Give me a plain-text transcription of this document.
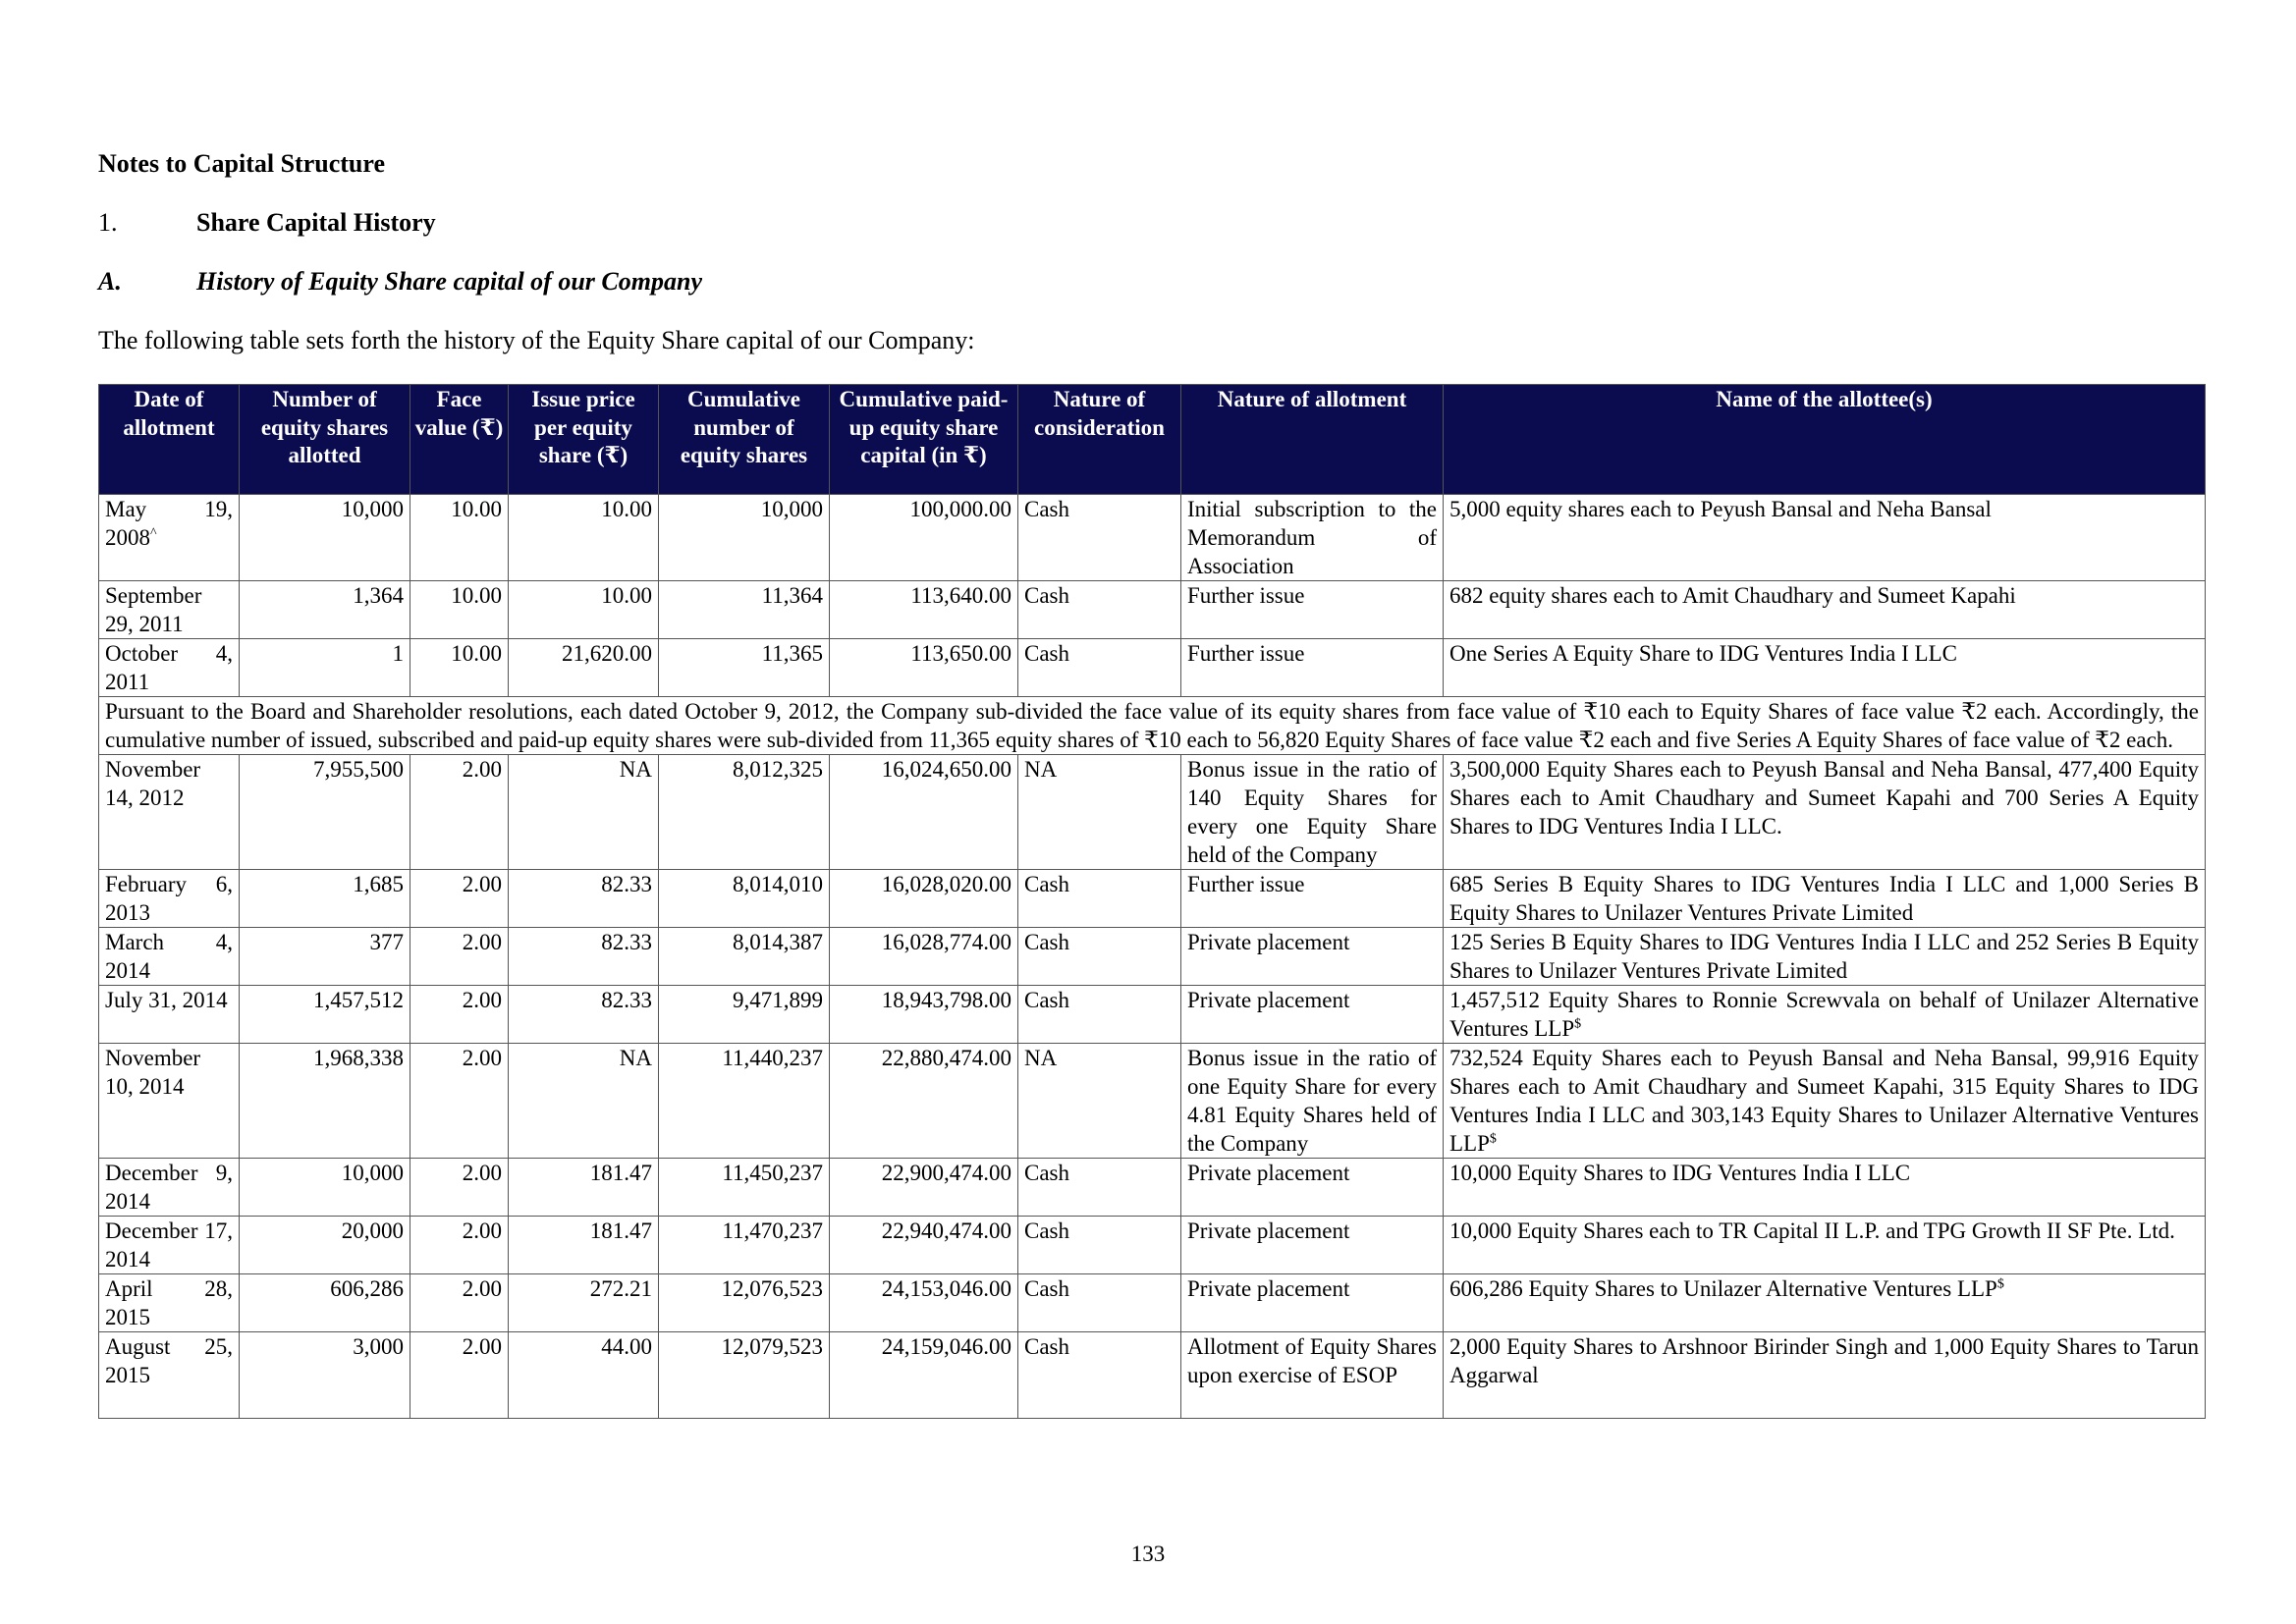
Notes to Capital Structure
1.	Share Capital History
A.	History of Equity Share capital of our Company
The following table sets forth the history of the Equity Share capital of our Company:
Date of allotment	Number of equity shares allotted	Face value (₹)	Issue price per equity share (₹)	Cumulative number of equity shares	Cumulative paid-up equity share capital (in ₹)	Nature of consideration	Nature of allotment	Name of the allottee(s)
May 19, 2008^	10,000	10.00	10.00	10,000	100,000.00	Cash	Initial subscription to the Memorandum of Association	5,000 equity shares each to Peyush Bansal and Neha Bansal
September 29, 2011	1,364	10.00	10.00	11,364	113,640.00	Cash	Further issue	682 equity shares each to Amit Chaudhary and Sumeet Kapahi
October 4, 2011	1	10.00	21,620.00	11,365	113,650.00	Cash	Further issue	One Series A Equity Share to IDG Ventures India I LLC
Pursuant to the Board and Shareholder resolutions, each dated October 9, 2012, the Company sub-divided the face value of its equity shares from face value of ₹10 each to Equity Shares of face value ₹2 each. Accordingly, the cumulative number of issued, subscribed and paid-up equity shares were sub-divided from 11,365 equity shares of ₹10 each to 56,820 Equity Shares of face value ₹2 each and five Series A Equity Shares of face value of ₹2 each.								
November 14, 2012	7,955,500	2.00	NA	8,012,325	16,024,650.00	NA	Bonus issue in the ratio of 140 Equity Shares for every one Equity Share held of the Company	3,500,000 Equity Shares each to Peyush Bansal and Neha Bansal, 477,400 Equity Shares each to Amit Chaudhary and Sumeet Kapahi and 700 Series A Equity Shares to IDG Ventures India I LLC.
February 6, 2013	1,685	2.00	82.33	8,014,010	16,028,020.00	Cash	Further issue	685 Series B Equity Shares to IDG Ventures India I LLC and 1,000 Series B Equity Shares to Unilazer Ventures Private Limited
March 4, 2014	377	2.00	82.33	8,014,387	16,028,774.00	Cash	Private placement	125 Series B Equity Shares to IDG Ventures India I LLC and 252 Series B Equity Shares to Unilazer Ventures Private Limited
July 31, 2014	1,457,512	2.00	82.33	9,471,899	18,943,798.00	Cash	Private placement	1,457,512 Equity Shares to Ronnie Screwvala on behalf of Unilazer Alternative Ventures LLP$
November 10, 2014	1,968,338	2.00	NA	11,440,237	22,880,474.00	NA	Bonus issue in the ratio of one Equity Share for every 4.81 Equity Shares held of the Company	732,524 Equity Shares each to Peyush Bansal and Neha Bansal, 99,916 Equity Shares each to Amit Chaudhary and Sumeet Kapahi, 315 Equity Shares to IDG Ventures India I LLC and 303,143 Equity Shares to Unilazer Alternative Ventures LLP$
December 9, 2014	10,000	2.00	181.47	11,450,237	22,900,474.00	Cash	Private placement	10,000 Equity Shares to IDG Ventures India I LLC
December 17, 2014	20,000	2.00	181.47	11,470,237	22,940,474.00	Cash	Private placement	10,000 Equity Shares each to TR Capital II L.P. and TPG Growth II SF Pte. Ltd.
April 28, 2015	606,286	2.00	272.21	12,076,523	24,153,046.00	Cash	Private placement	606,286 Equity Shares to Unilazer Alternative Ventures LLP$
August 25, 2015	3,000	2.00	44.00	12,079,523	24,159,046.00	Cash	Allotment of Equity Shares upon exercise of ESOP	2,000 Equity Shares to Arshnoor Birinder Singh and 1,000 Equity Shares to Tarun Aggarwal
133
